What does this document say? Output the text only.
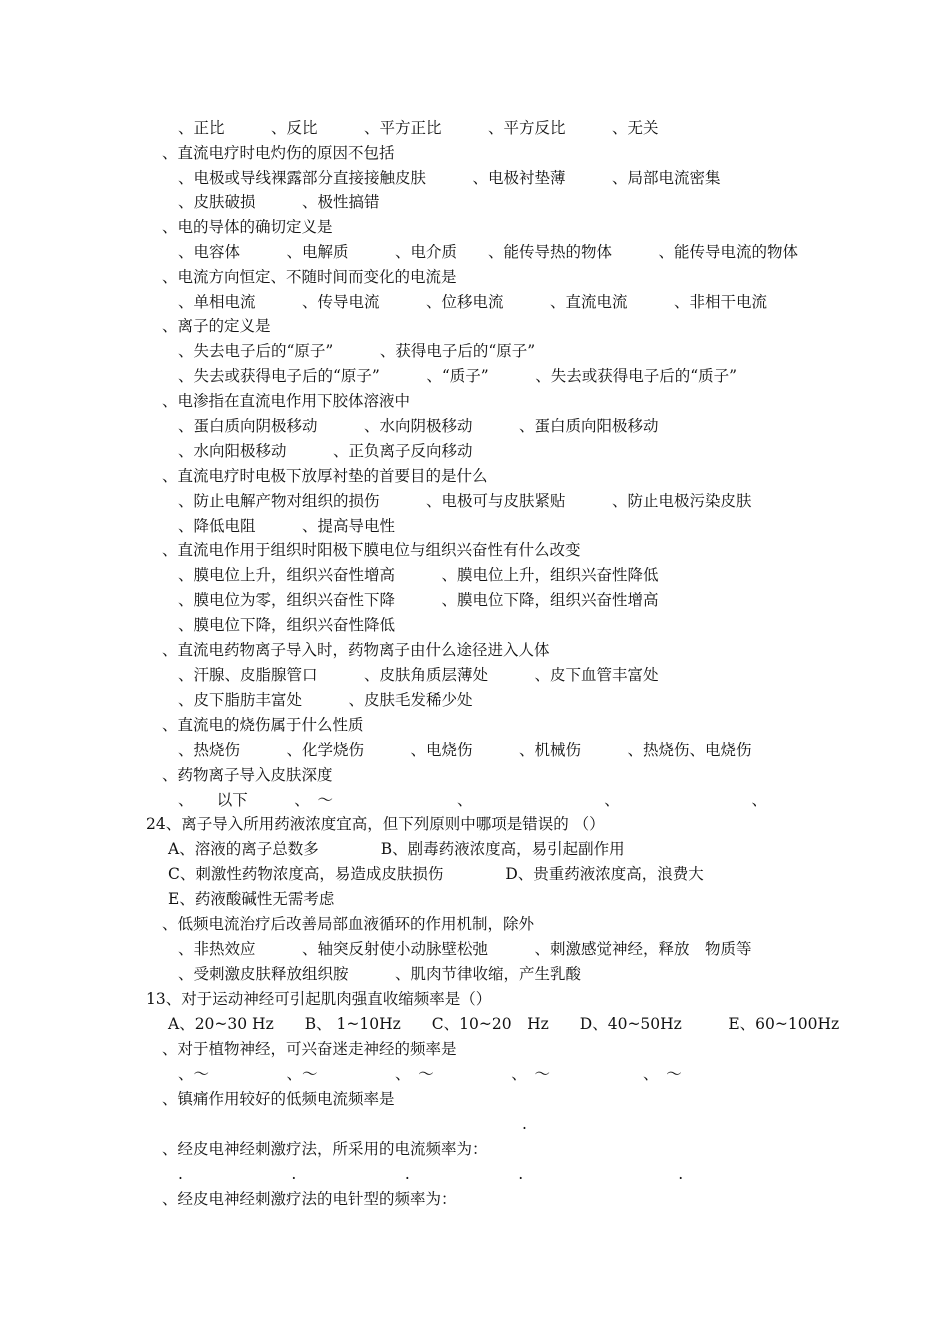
、正比　　　、反比　　　、平方正比　　　、平方反比　　　、无关

、直流电疗时电灼伤的原因不包括

、电极或导线裸露部分直接接触皮肤　　　、电极衬垫薄　　　、局部电流密集

、皮肤破损　　　、极性搞错

、电的导体的确切定义是

、电容体　　　、电解质　　　、电介质　　、能传导热的物体　　　、能传导电流的物体

、电流方向恒定、不随时间而变化的电流是

、单相电流　　　、传导电流　　　、位移电流　　　、直流电流　　　、非相干电流

、离子的定义是

、失去电子后的“原子”　　　、获得电子后的“原子”

、失去或获得电子后的“原子”　　　、“质子”　　　、失去或获得电子后的“质子”

、电渗指在直流电作用下胶体溶液中

、蛋白质向阴极移动　　　、水向阴极移动　　　、蛋白质向阳极移动

、水向阳极移动　　　、正负离子反向移动

、直流电疗时电极下放厚衬垫的首要目的是什么

、防止电解产物对组织的损伤　　　、电极可与皮肤紧贴　　　、防止电极污染皮肤

、降低电阻　　　、提高导电性

、直流电作用于组织时阳极下膜电位与组织兴奋性有什么改变

、膜电位上升，组织兴奋性增高　　　、膜电位上升，组织兴奋性降低

、膜电位为零，组织兴奋性下降　　　、膜电位下降，组织兴奋性增高

、膜电位下降，组织兴奋性降低

、直流电药物离子导入时，药物离子由什么途径进入人体

、汗腺、皮脂腺管口　　　、皮肤角质层薄处　　　、皮下血管丰富处

、皮下脂肪丰富处　　　、皮肤毛发稀少处

、直流电的烧伤属于什么性质

、热烧伤　　　、化学烧伤　　　、电烧伤　　　、机械伤　　　、热烧伤、电烧伤

、药物离子导入皮肤深度

、　　以下　　　、　～　　　　　　　　、　　　　　　　　　、　　　　　　　　　、

24、离子导入所用药液浓度宜高，但下列原则中哪项是错误的 （）

A、溶液的离子总数多　　　　B、剧毒药液浓度高，易引起副作用

C、刺激性药物浓度高，易造成皮肤损伤　　　　D、贵重药液浓度高，浪费大

E、药液酸碱性无需考虑

、低频电流治疗后改善局部血液循环的作用机制，除外

、非热效应　　　、轴突反射使小动脉壁松弛　　　、刺激感觉神经，释放　物质等

、受刺激皮肤释放组织胺　　　、肌肉节律收缩，产生乳酸

13、对于运动神经可引起肌肉强直收缩频率是（）

A、20~30 Hz　　B、 1~10Hz　　C、10~20　Hz　　D、40~50Hz　　　E、60~100Hz

、对于植物神经，可兴奋迷走神经的频率是

、～　　　　　、～　　　　　、　～　　　　　、　～　　　　　　、　～

、镇痛作用较好的低频电流频率是

.

、经皮电神经刺激疗法，所采用的电流频率为：

.　　　　　　　.　　　　　　　.　　　　　　　.　　　　　　　　　　.

、经皮电神经刺激疗法的电针型的频率为：
